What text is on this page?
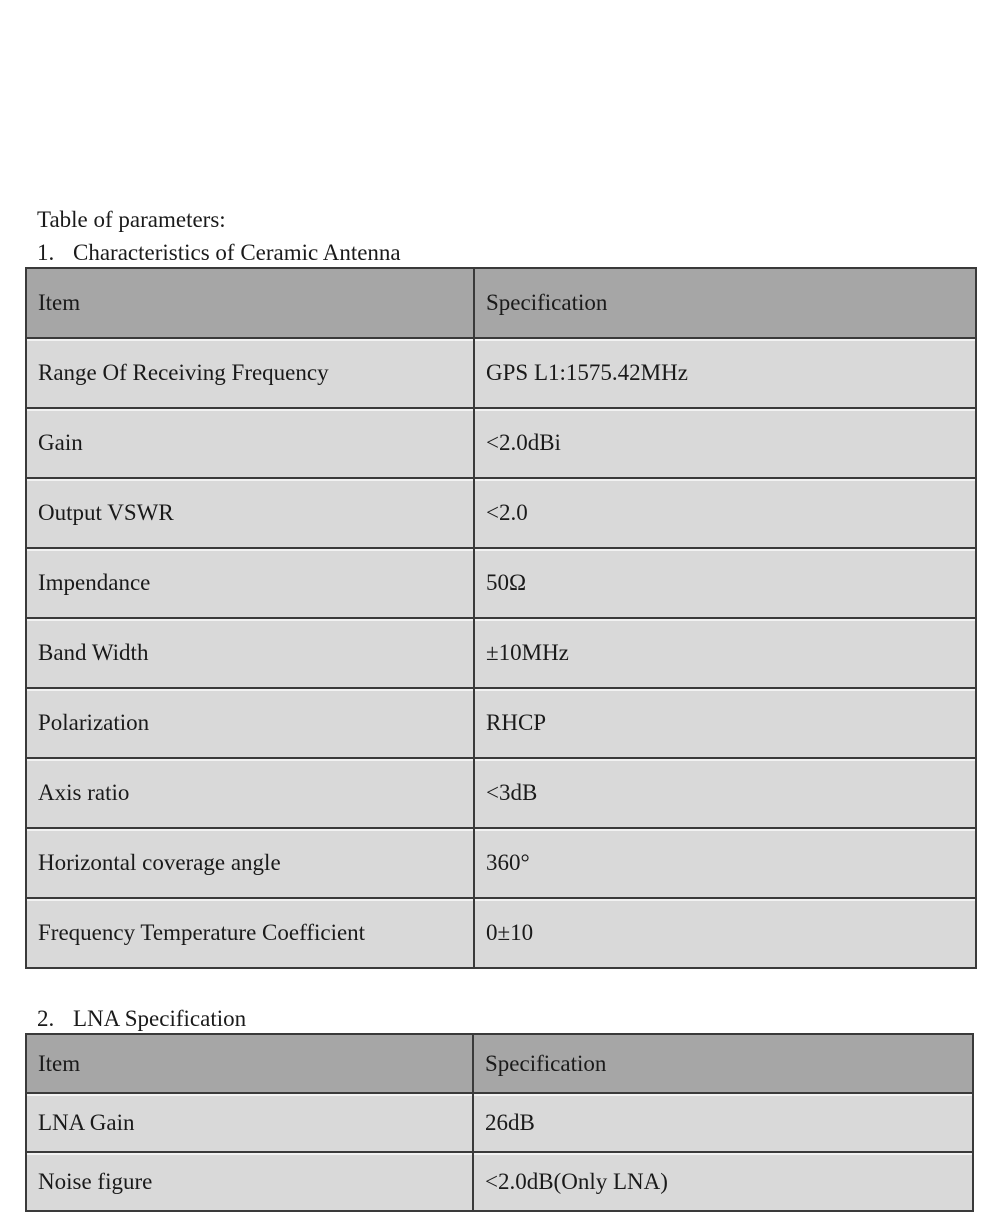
Table of parameters:
1. Characteristics of Ceramic Antenna
Item	Specification
Range Of Receiving Frequency	GPS L1:1575.42MHz
Gain	<2.0dBi
Output VSWR	<2.0
Impendance	50Ω
Band Width	±10MHz
Polarization	RHCP
Axis ratio	<3dB
Horizontal coverage angle	360°
Frequency Temperature Coefficient	0±10
2. LNA Specification
Item	Specification
LNA Gain	26dB
Noise figure	<2.0dB(Only LNA)
